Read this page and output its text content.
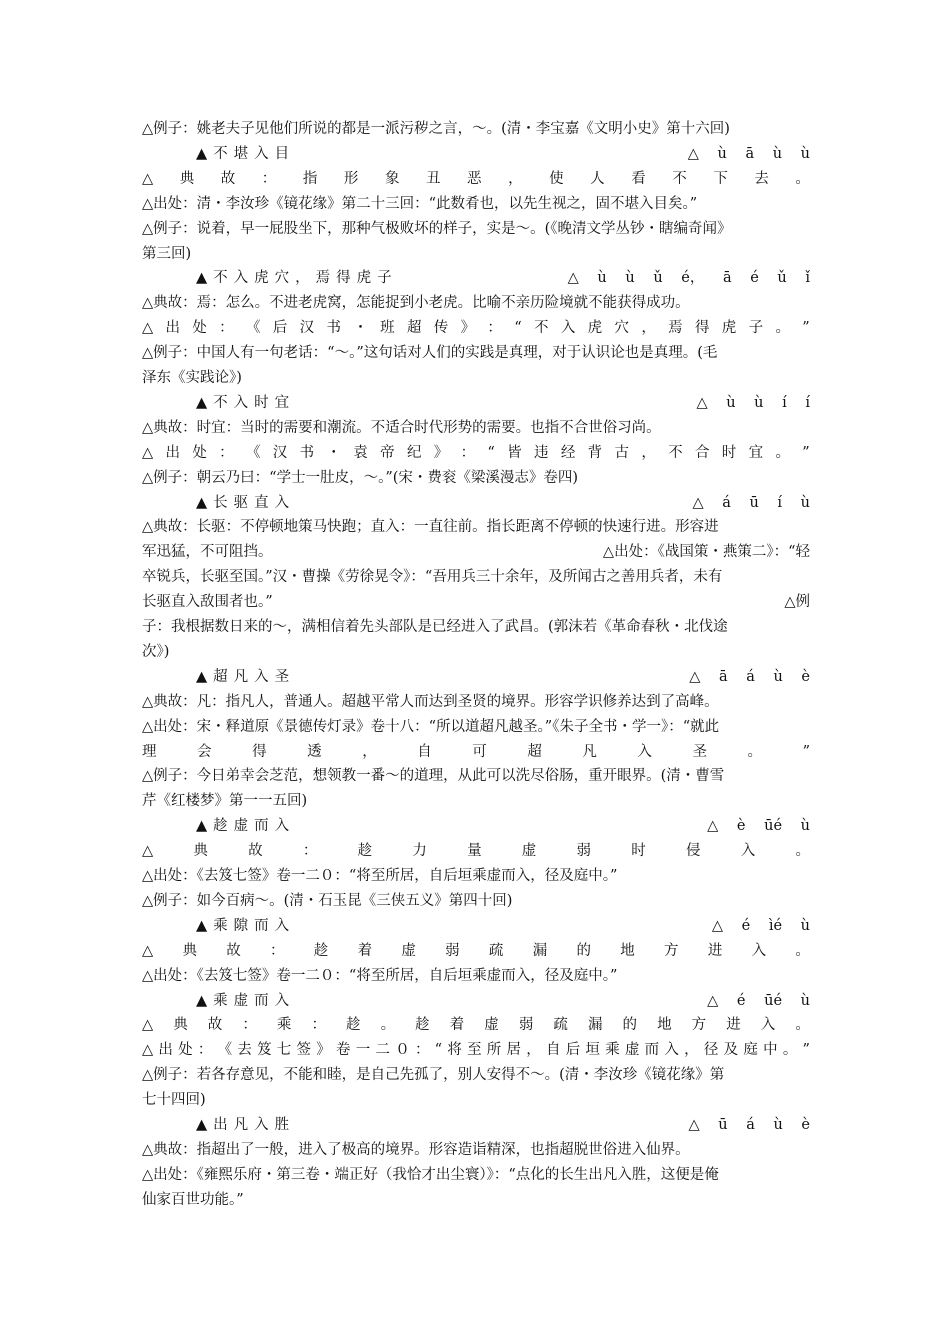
△例子：姚老夫子见他们所说的都是一派污秽之言，～。(清・李宝嘉《文明小史》第十六回)
▲不堪入目	△ ù ā ù ù
△ 典 故 ： 指 形 象 丑 恶 ， 使 人 看 不 下 去 。
△出处：清・李汝珍《镜花缘》第二十三回：“此数肴也，以先生视之，固不堪入目矣。”
△例子：说着，早一屁股坐下，那种气极败坏的样子，实是～。(《晚清文学丛钞・瞎编奇闻》
第三回)
▲不入虎穴，焉得虎子	△ ù ù ǔ é， ā é ǔ ǐ
△典故：焉：怎么。不进老虎窝，怎能捉到小老虎。比喻不亲历险境就不能获得成功。
△ 出 处 ： 《 后 汉 书 ・ 班 超 传 》 ： “ 不 入 虎 穴 ， 焉 得 虎 子 。 ”
△例子：中国人有一句老话：“～。”这句话对人们的实践是真理，对于认识论也是真理。(毛
泽东《实践论》)
▲不入时宜	△ ù ù í í
△典故：时宜：当时的需要和潮流。不适合时代形势的需要。也指不合世俗习尚。
△ 出 处 ： 《 汉 书 ・ 袁 帝 纪 》 ： “ 皆 违 经 背 古 ， 不 合 时 宜 。 ”
△例子：朝云乃曰：“学士一肚皮，～。”(宋・费衮《梁溪漫志》卷四)
▲长驱直入	△ á ū í ù
△典故：长驱：不停顿地策马快跑；直入：一直往前。指长距离不停顿的快速行进。形容进
军迅猛，不可阻挡。	△出处：《战国策・燕策二》：“轻
卒锐兵，长驱至国。”汉・曹操《劳徐晃令》：“吾用兵三十余年，及所闻古之善用兵者，未有
长驱直入敌围者也。”	△例
子：我根据数日来的～，满相信着先头部队是已经进入了武昌。(郭沫若《革命春秋・北伐途
次》)
▲超凡入圣	△ ā á ù è
△典故：凡：指凡人，普通人。超越平常人而达到圣贤的境界。形容学识修养达到了高峰。
△出处：宋・释道原《景德传灯录》卷十八：“所以道超凡越圣。”《朱子全书・学一》：“就此
理	会	得	透	，	自	可	超	凡	入	圣	。	”
△例子：今日弟幸会芝范，想领教一番～的道理，从此可以洗尽俗肠，重开眼界。(清・曹雪
芹《红楼梦》第一一五回)
▲趁虚而入	△ è ūé ù
△	典	故	：	趁	力	量	虚	弱	时	侵	入	。
△出处：《去笈七签》卷一二０：“将至所居，自后垣乘虚而入，径及庭中。”
△例子：如今百病～。(清・石玉昆《三侠五义》第四十回)
▲乘隙而入	△ é ìé ù
△ 典 故 ： 趁 着 虚 弱 疏 漏 的 地 方 进 入 。
△出处：《去笈七签》卷一二０：“将至所居，自后垣乘虚而入，径及庭中。”
▲乘虚而入	△ é ūé ù
△ 典 故 ： 乘 ： 趁 。 趁 着 虚 弱 疏 漏 的 地 方 进 入 。
△ 出 处 ： 《 去 笈 七 签 》 卷 一 二 ０ ： “ 将 至 所 居 ， 自 后 垣 乘 虚 而 入 ， 径 及 庭 中 。 ”
△例子：若各存意见，不能和睦，是自己先孤了，别人安得不～。(清・李汝珍《镜花缘》第
七十四回)
▲出凡入胜	△ ū á ù è
△典故：指超出了一般，进入了极高的境界。形容造诣精深，也指超脱世俗进入仙界。
△出处：《雍熙乐府・第三卷・端正好（我恰才出尘寰）》：“点化的长生出凡入胜，这便是俺
仙家百世功能。”
